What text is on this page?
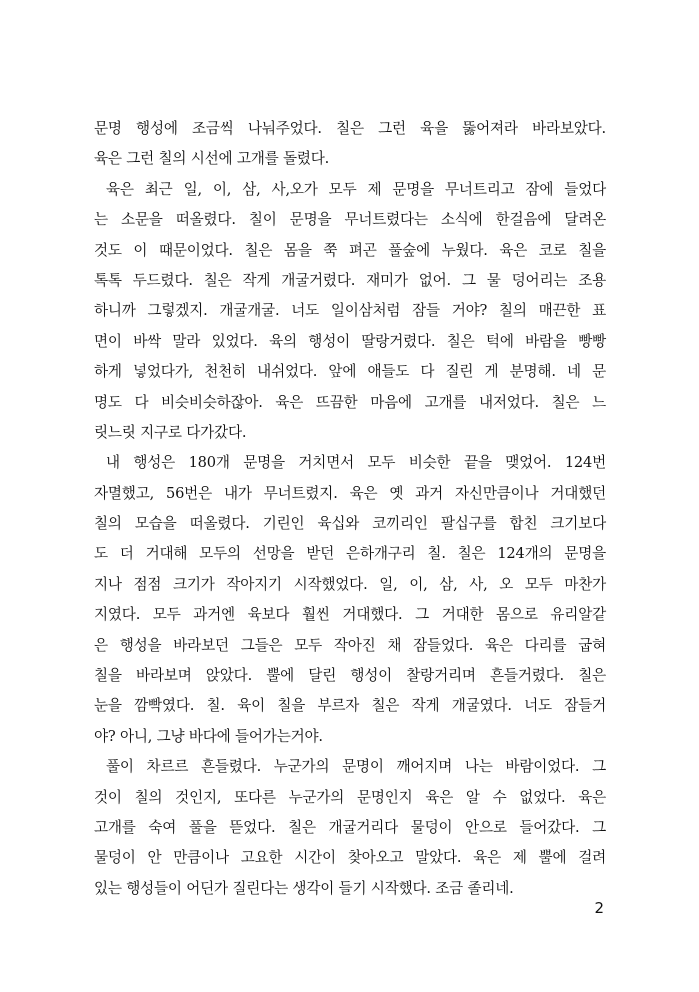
문명 행성에 조금씩 나눠주었다. 칠은 그런 육을 뚫어져라 바라보았다.
육은 그런 칠의 시선에 고개를 돌렸다.
육은 최근 일, 이, 삼, 사,오가 모두 제 문명을 무너트리고 잠에 들었다
는 소문을 떠올렸다. 칠이 문명을 무너트렸다는 소식에 한걸음에 달려온
것도 이 때문이었다. 칠은 몸을 쭉 펴곤 풀숲에 누웠다. 육은 코로 칠을
톡톡 두드렸다. 칠은 작게 개굴거렸다. 재미가 없어. 그 물 덩어리는 조용
하니까 그렇겠지. 개굴개굴. 너도 일이삼처럼 잠들 거야? 칠의 매끈한 표
면이 바싹 말라 있었다. 육의 행성이 딸랑거렸다. 칠은 턱에 바람을 빵빵
하게 넣었다가, 천천히 내쉬었다. 앞에 애들도 다 질린 게 분명해. 네 문
명도 다 비슷비슷하잖아. 육은 뜨끔한 마음에 고개를 내저었다. 칠은 느
릿느릿 지구로 다가갔다.
내 행성은 180개 문명을 거치면서 모두 비슷한 끝을 맺었어. 124번
자멸했고, 56번은 내가 무너트렸지. 육은 옛 과거 자신만큼이나 거대했던
칠의 모습을 떠올렸다. 기린인 육십와 코끼리인 팔십구를 합친 크기보다
도 더 거대해 모두의 선망을 받던 은하개구리 칠. 칠은 124개의 문명을
지나 점점 크기가 작아지기 시작했었다. 일, 이, 삼, 사, 오 모두 마찬가
지였다. 모두 과거엔 육보다 훨씬 거대했다. 그 거대한 몸으로 유리알같
은 행성을 바라보던 그들은 모두 작아진 채 잠들었다. 육은 다리를 굽혀
칠을 바라보며 앉았다. 뿔에 달린 행성이 찰랑거리며 흔들거렸다. 칠은
눈을 깜빡였다. 칠. 육이 칠을 부르자 칠은 작게 개굴였다. 너도 잠들거
야? 아니, 그냥 바다에 들어가는거야.
풀이 차르르 흔들렸다. 누군가의 문명이 깨어지며 나는 바람이었다. 그
것이 칠의 것인지, 또다른 누군가의 문명인지 육은 알 수 없었다. 육은
고개를 숙여 풀을 뜯었다. 칠은 개굴거리다 물덩이 안으로 들어갔다. 그
물덩이 안 만큼이나 고요한 시간이 찾아오고 말았다. 육은 제 뿔에 걸려
있는 행성들이 어딘가 질린다는 생각이 들기 시작했다. 조금 졸리네.
2
